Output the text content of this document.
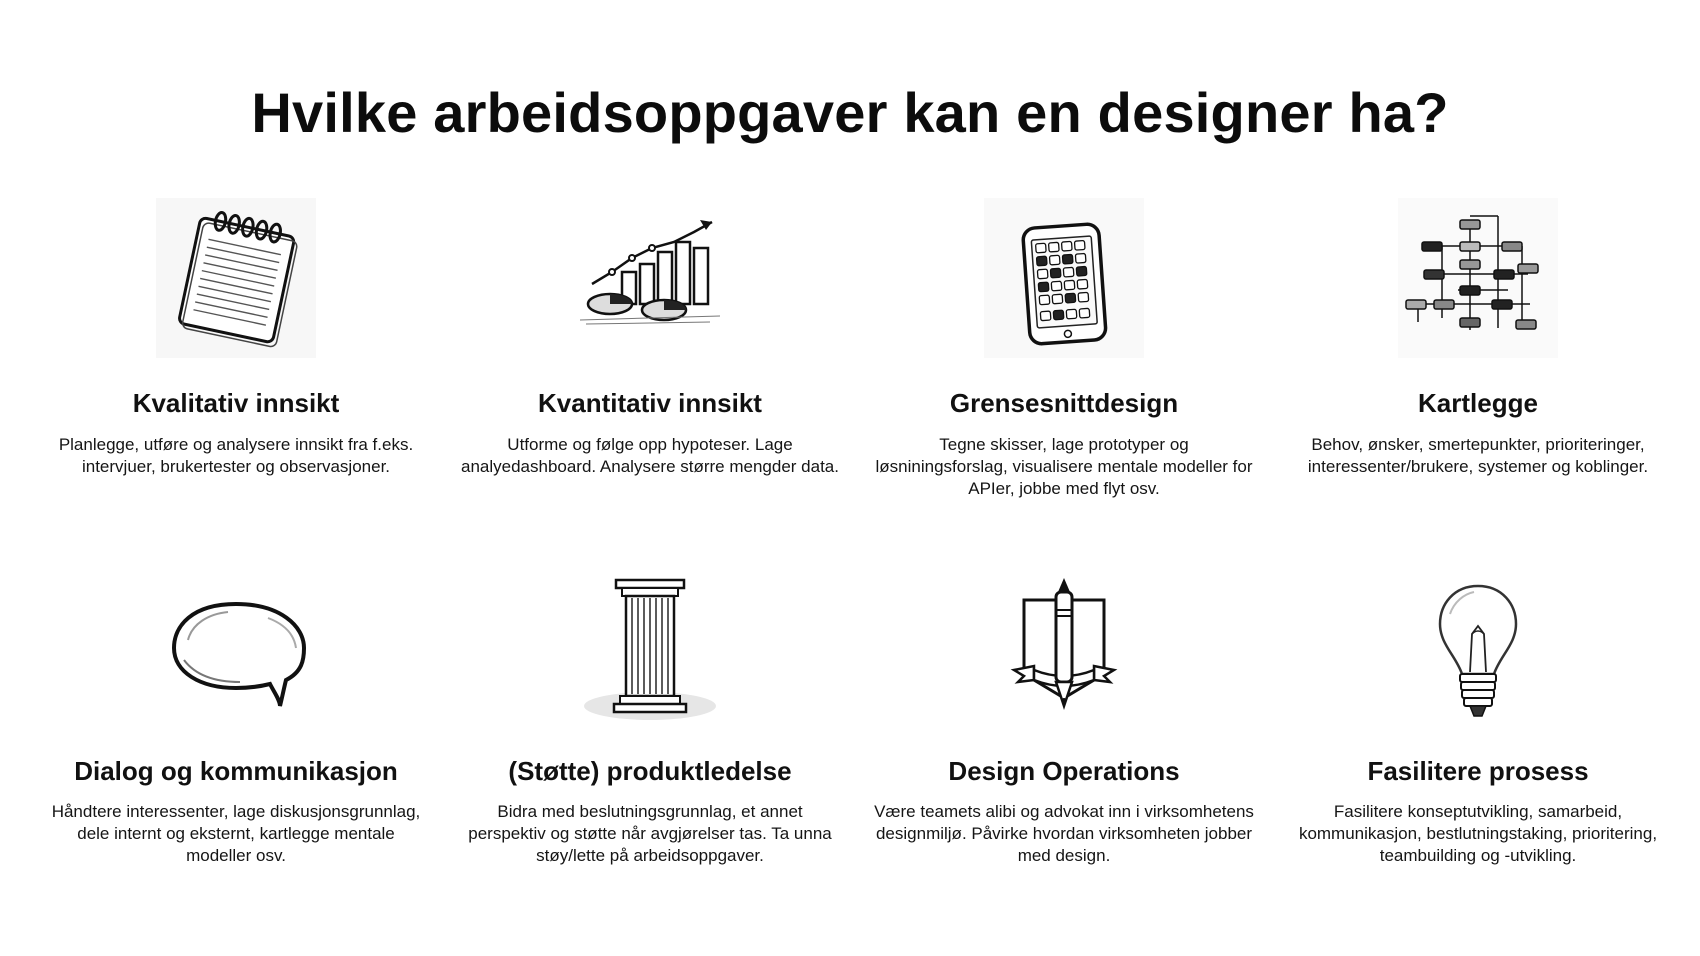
Hvilke arbeidsoppgaver kan en designer ha?
Kvalitativ innsikt

Planlegge, utføre og analysere innsikt fra f.eks. intervjuer, brukertester og observasjoner.

Kvantitativ innsikt

Utforme og følge opp hypoteser. Lage analyedashboard. Analysere større mengder data.

Grensesnittdesign

Tegne skisser, lage prototyper og løsniningsforslag, visualisere mentale modeller for APIer, jobbe med flyt osv.

Kartlegge

Behov, ønsker, smertepunkter, prioriteringer, interessenter/brukere, systemer og koblinger.

Dialog og kommunikasjon

Håndtere interessenter, lage diskusjonsgrunnlag, dele internt og eksternt, kartlegge mentale modeller osv.

(Støtte) produktledelse

Bidra med beslutningsgrunnlag, et annet perspektiv og støtte når avgjørelser tas. Ta unna støy/lette på arbeidsoppgaver.

Design Operations

Være teamets alibi og advokat inn i virksomhetens designmiljø. Påvirke hvordan virksomheten jobber med design.

Fasilitere prosess

Fasilitere konseptutvikling, samarbeid, kommunikasjon, bestlutningstaking, prioritering, teambuilding og -utvikling.
